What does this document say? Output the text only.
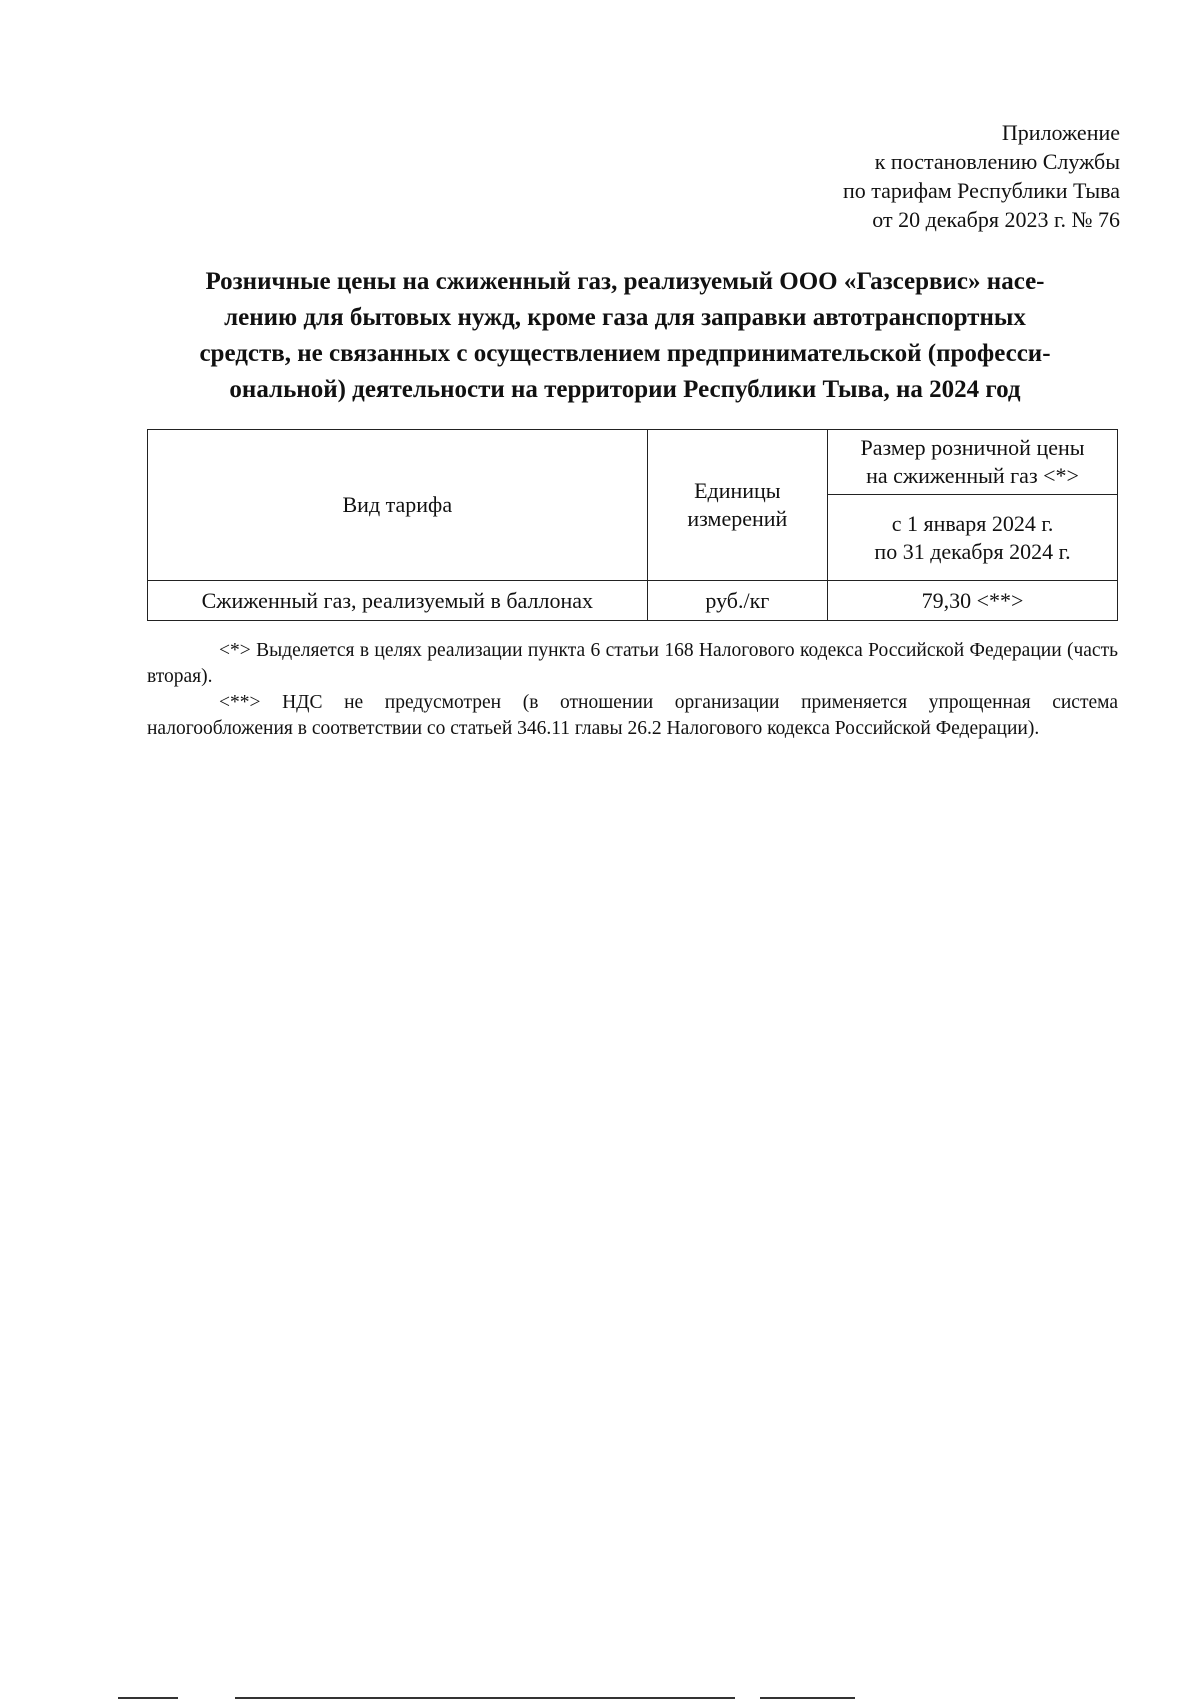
Приложение
к постановлению Службы
по тарифам Республики Тыва
от 20 декабря 2023 г. № 76
Розничные цены на сжиженный газ, реализуемый ООО «Газсервис» насе-
лению для бытовых нужд, кроме газа для заправки автотранспортных
средств, не связанных с осуществлением предпринимательской (професси-
ональной) деятельности на территории Республики Тыва, на 2024 год
Вид тарифа	Единицы измерений	Размер розничной цены
на сжиженный газ <*>

		с 1 января 2024 г.
по 31 декабря 2024 г.

Сжиженный газ, реализуемый в баллонах	руб./кг	79,30 <**>

<*> Выделяется в целях реализации пункта 6 статьи 168 Налогового кодекса Российской Федерации (часть вторая).

<**> НДС не предусмотрен (в отношении организации применяется упрощенная система налогообложения в соответствии со статьей 346.11 главы 26.2 Налогового кодекса Российской Федерации).
